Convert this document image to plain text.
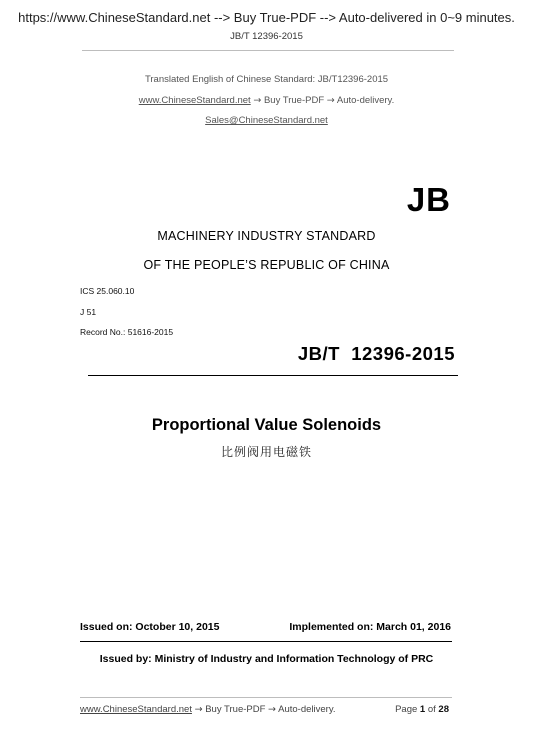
https://www.ChineseStandard.net --> Buy True-PDF --> Auto-delivered in 0~9 minutes.
JB/T 12396-2015
Translated English of Chinese Standard: JB/T12396-2015
www.ChineseStandard.net → Buy True-PDF → Auto-delivery.
Sales@ChineseStandard.net
JB
MACHINERY INDUSTRY STANDARD
OF THE PEOPLE’S REPUBLIC OF CHINA
ICS 25.060.10
J 51
Record No.: 51616-2015
JB/T  12396-2015
Proportional Value Solenoids
比例阀用电磁铁
Issued on: October 10, 2015	Implemented on: March 01, 2016
Issued by: Ministry of Industry and Information Technology of PRC
www.ChineseStandard.net → Buy True-PDF → Auto-delivery.	Page 1 of 28
